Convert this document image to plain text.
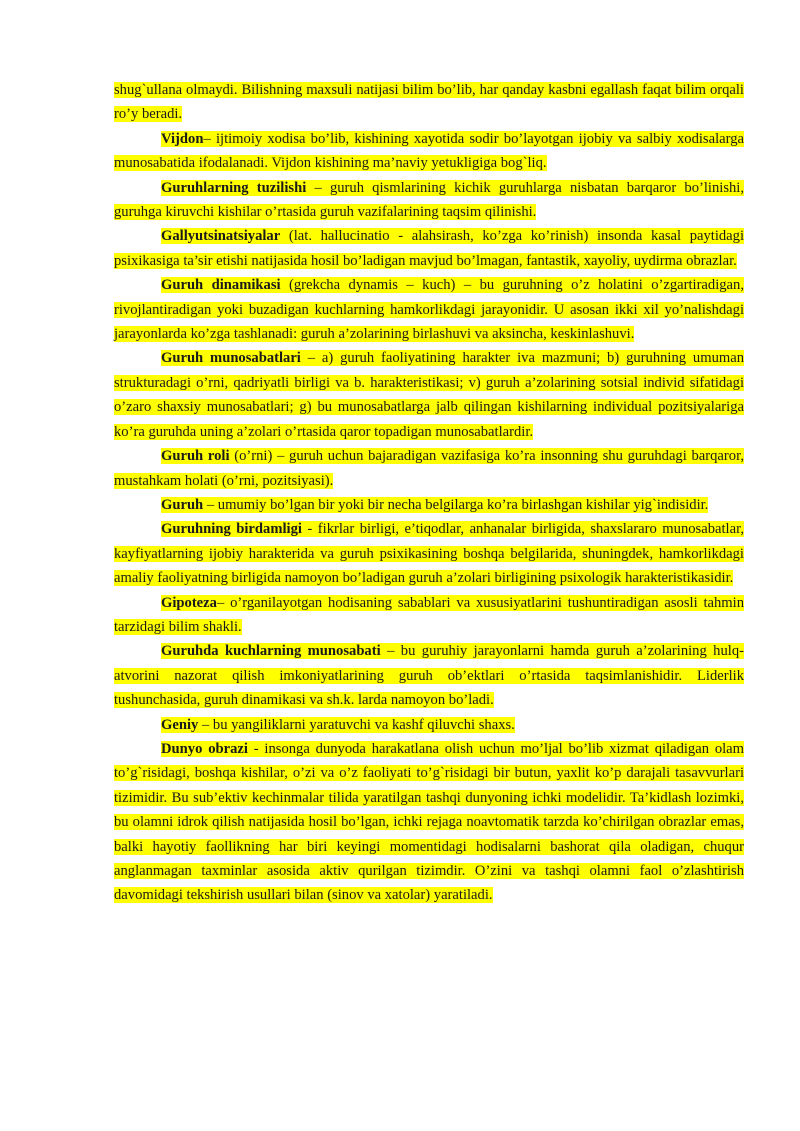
shug`ullana olmaydi. Bilishning maxsuli natijasi bilim bo’lib, har qanday kasbni egallash faqat bilim orqali ro’y beradi.

Vijdon– ijtimoiy xodisa bo’lib, kishining xayotida sodir bo’layotgan ijobiy va salbiy xodisalarga munosabatida ifodalanadi. Vijdon kishining ma’naviy yetukligiga bog`liq.

Guruhlarning tuzilishi – guruh qismlarining kichik guruhlarga nisbatan barqaror bo’linishi, guruhga kiruvchi kishilar o’rtasida guruh vazifalarining taqsim qilinishi.

Gallyutsinatsiyalar (lat. hallucinatio - alahsirash, ko’zga ko’rinish) insonda kasal paytidagi psixikasiga ta’sir etishi natijasida hosil bo’ladigan mavjud bo’lmagan, fantastik, xayoliy, uydirma obrazlar.

Guruh dinamikasi (grekcha dynamis – kuch) – bu guruhning o’z holatini o’zgartiradigan, rivojlantiradigan yoki buzadigan kuchlarning hamkorlikdagi jarayonidir. U asosan ikki xil yo’nalishdagi jarayonlarda ko’zga tashlanadi: guruh a’zolarining birlashuvi va aksincha, keskinlashuvi.

Guruh munosabatlari – a) guruh faoliyatining harakter iva mazmuni; b) guruhning umuman strukturadagi o’rni, qadriyatli birligi va b. harakteristikasi; v) guruh a’zolarining sotsial individ sifatidagi o’zaro shaxsiy munosabatlari; g) bu munosabatlarga jalb qilingan kishilarning individual pozitsiyalariga ko’ra guruhda uning a’zolari o’rtasida qaror topadigan munosabatlardir.

Guruh roli (o’rni) – guruh uchun bajaradigan vazifasiga ko’ra insonning shu guruhdagi barqaror, mustahkam holati (o’rni, pozitsiyasi).

Guruh – umumiy bo’lgan bir yoki bir necha belgilarga ko’ra birlashgan kishilar yig`indisidir.

Guruhning birdamligi - fikrlar birligi, e’tiqodlar, anhanalar birligida, shaxslararo munosabatlar, kayfiyatlarning ijobiy harakterida va guruh psixikasining boshqa belgilarida, shuningdek, hamkorlikdagi amaliy faoliyatning birligida namoyon bo’ladigan guruh a’zolari birligining psixologik harakteristikasidir.

Gipoteza– o’rganilayotgan hodisaning sabablari va xususiyatlarini tushuntiradigan asosli tahmin tarzidagi bilim shakli.

Guruhda kuchlarning munosabati – bu guruhiy jarayonlarni hamda guruh a’zolarining hulq-atvorini nazorat qilish imkoniyatlarining guruh ob’ektlari o’rtasida taqsimlanishidir. Liderlik tushunchasida, guruh dinamikasi va sh.k. larda namoyon bo’ladi.

Geniy – bu yangiliklarni yaratuvchi va kashf qiluvchi shaxs.

Dunyo obrazi - insonga dunyoda harakatlana olish uchun mo’ljal bo’lib xizmat qiladigan olam to’g`risidagi, boshqa kishilar, o’zi va o’z faoliyati to’g`risidagi bir butun, yaxlit ko’p darajali tasavvurlari tizimidir. Bu sub’ektiv kechinmalar tilida yaratilgan tashqi dunyoning ichki modelidir. Ta’kidlash lozimki, bu olamni idrok qilish natijasida hosil bo’lgan, ichki rejaga noavtomatik tarzda ko’chirilgan obrazlar emas, balki hayotiy faollikning har biri keyingi momentidagi hodisalarni bashorat qila oladigan, chuqur anglanmagan taxminlar asosida aktiv qurilgan tizimdir. O’zini va tashqi olamni faol o’zlashtirish davomidagi tekshirish usullari bilan (sinov va xatolar) yaratiladi.
